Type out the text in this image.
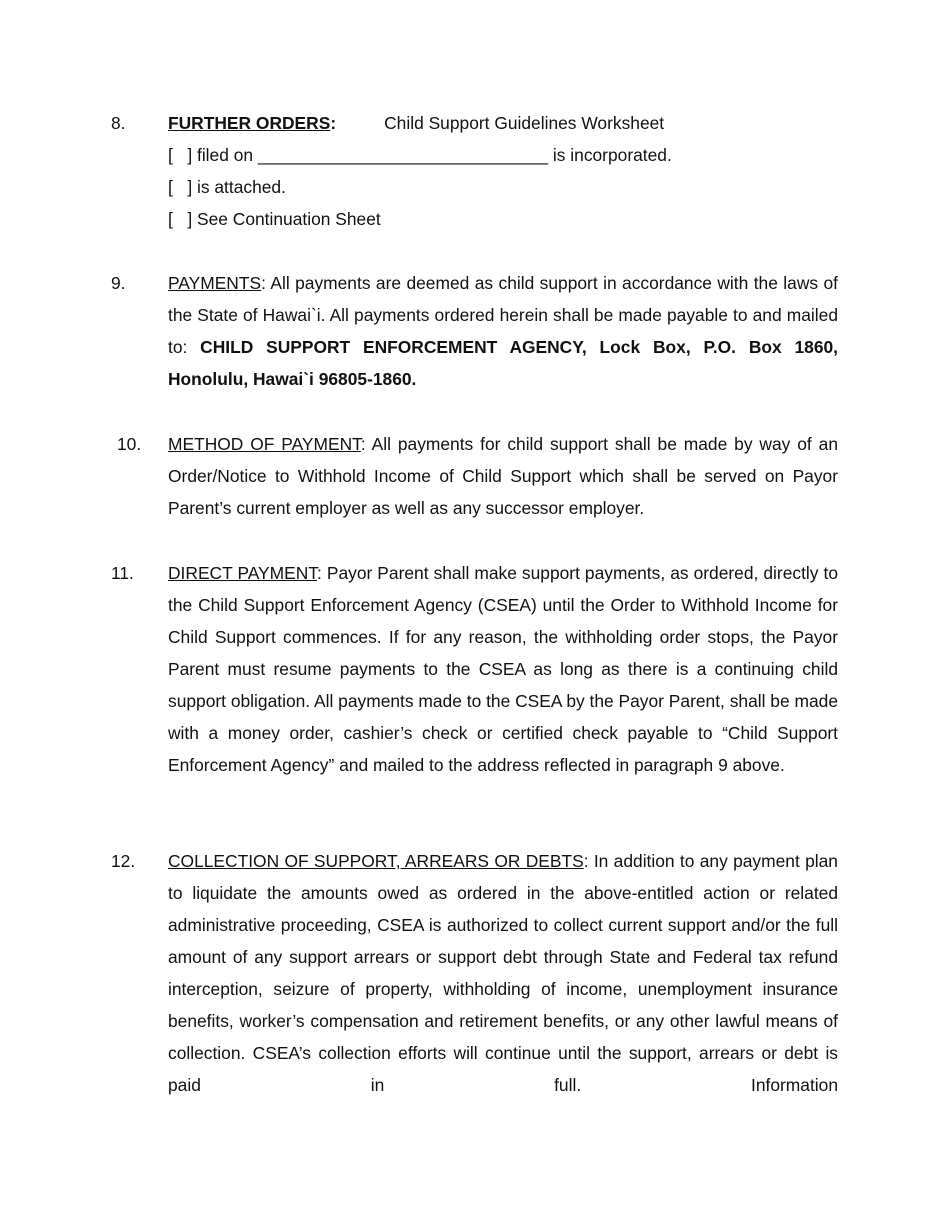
8. FURTHER ORDERS:	Child Support Guidelines Worksheet
[   ] filed on ______________________________ is incorporated.
[   ] is attached.
[   ] See Continuation Sheet
9. PAYMENTS: All payments are deemed as child support in accordance with the laws of the State of Hawai`i. All payments ordered herein shall be made payable to and mailed to: CHILD SUPPORT ENFORCEMENT AGENCY, Lock Box, P.O. Box 1860, Honolulu, Hawai`i 96805-1860.

10. METHOD OF PAYMENT: All payments for child support shall be made by way of an Order/Notice to Withhold Income of Child Support which shall be served on Payor Parent’s current employer as well as any successor employer.

11. DIRECT PAYMENT: Payor Parent shall make support payments, as ordered, directly to the Child Support Enforcement Agency (CSEA) until the Order to Withhold Income for Child Support commences. If for any reason, the withholding order stops, the Payor Parent must resume payments to the CSEA as long as there is a continuing child support obligation. All payments made to the CSEA by the Payor Parent, shall be made with a money order, cashier’s check or certified check payable to “Child Support Enforcement Agency” and mailed to the address reflected in paragraph 9 above.

12. COLLECTION OF SUPPORT, ARREARS OR DEBTS: In addition to any payment plan to liquidate the amounts owed as ordered in the above-entitled action or related administrative proceeding, CSEA is authorized to collect current support and/or the full amount of any support arrears or support debt through State and Federal tax refund interception, seizure of property, withholding of income, unemployment insurance benefits, worker’s compensation and retirement benefits, or any other lawful means of collection. CSEA’s collection efforts will continue until the support, arrears or debt is paid in full. Information
